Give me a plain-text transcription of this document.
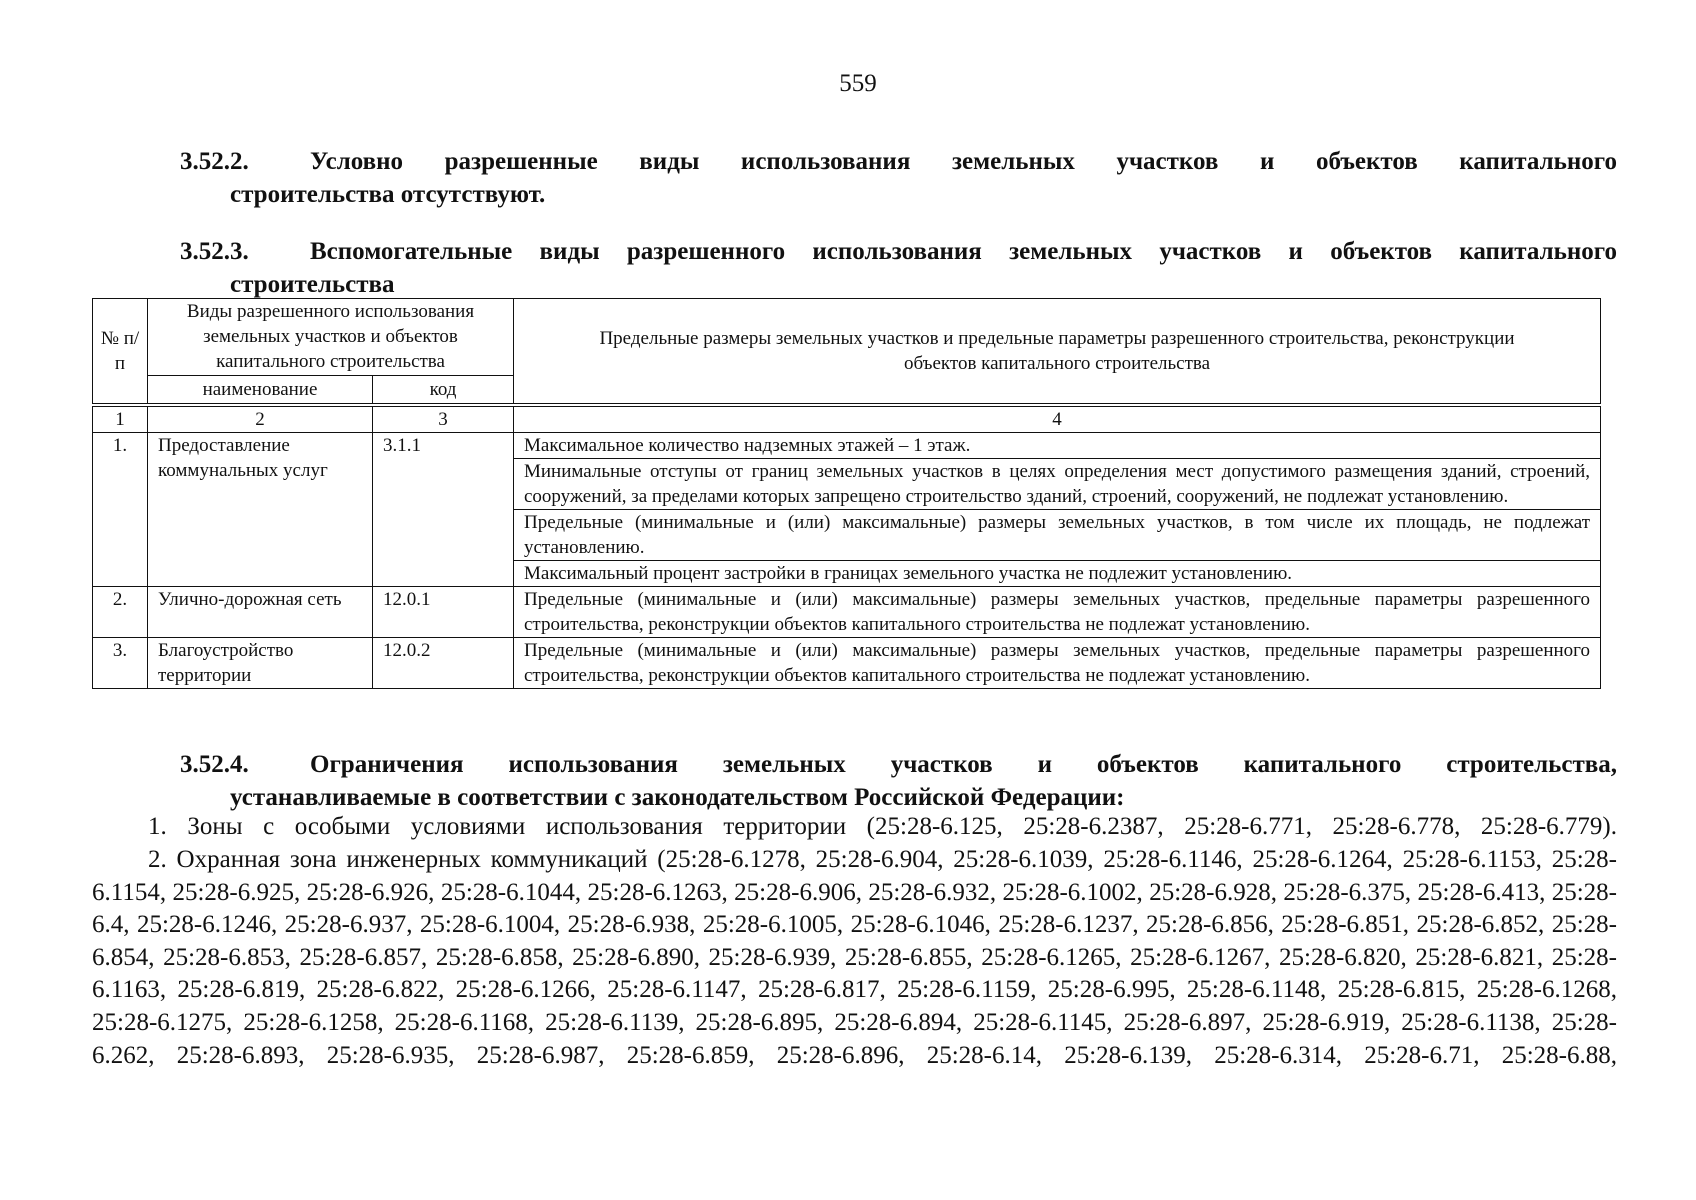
559
3.52.2. Условно разрешенные виды использования земельных участков и объектов капитального
строительства отсутствуют.
3.52.3. Вспомогательные виды разрешенного использования земельных участков и объектов капитального
строительства
№ п/п	Виды разрешенного использования земельных участков и объектов капитального строительства		Предельные размеры земельных участков и предельные параметры разрешенного строительства, реконструкции объектов капитального строительства
	наименование	код	
1	2	3	4
1.	Предоставление коммунальных услуг	3.1.1	Максимальное количество надземных этажей – 1 этаж.
			Минимальные отступы от границ земельных участков в целях определения мест допустимого размещения зданий, строений, сооружений, за пределами которых запрещено строительство зданий, строений, сооружений, не подлежат установлению.
			Предельные (минимальные и (или) максимальные) размеры земельных участков, в том числе их площадь, не подлежат установлению.
			Максимальный процент застройки в границах земельного участка не подлежит установлению.
2.	Улично-дорожная сеть	12.0.1	Предельные (минимальные и (или) максимальные) размеры земельных участков, предельные параметры разрешенного строительства, реконструкции объектов капитального строительства не подлежат установлению.
3.	Благоустройство территории	12.0.2	Предельные (минимальные и (или) максимальные) размеры земельных участков, предельные параметры разрешенного строительства, реконструкции объектов капитального строительства не подлежат установлению.
3.52.4. Ограничения использования земельных участков и объектов капитального строительства,
устанавливаемые в соответствии с законодательством Российской Федерации:
1. Зоны с особыми условиями использования территории (25:28-6.125, 25:28-6.2387, 25:28-6.771, 25:28-6.778, 25:28-6.779).
2. Охранная зона инженерных коммуникаций (25:28-6.1278, 25:28-6.904, 25:28-6.1039, 25:28-6.1146, 25:28-6.1264, 25:28-6.1153, 25:28-6.1154, 25:28-6.925, 25:28-6.926, 25:28-6.1044, 25:28-6.1263, 25:28-6.906, 25:28-6.932, 25:28-6.1002, 25:28-6.928, 25:28-6.375, 25:28-6.413, 25:28-6.4, 25:28-6.1246, 25:28-6.937, 25:28-6.1004, 25:28-6.938, 25:28-6.1005, 25:28-6.1046, 25:28-6.1237, 25:28-6.856, 25:28-6.851, 25:28-6.852, 25:28-6.854, 25:28-6.853, 25:28-6.857, 25:28-6.858, 25:28-6.890, 25:28-6.939, 25:28-6.855, 25:28-6.1265, 25:28-6.1267, 25:28-6.820, 25:28-6.821, 25:28-6.1163, 25:28-6.819, 25:28-6.822, 25:28-6.1266, 25:28-6.1147, 25:28-6.817, 25:28-6.1159, 25:28-6.995, 25:28-6.1148, 25:28-6.815, 25:28-6.1268, 25:28-6.1275, 25:28-6.1258, 25:28-6.1168, 25:28-6.1139, 25:28-6.895, 25:28-6.894, 25:28-6.1145, 25:28-6.897, 25:28-6.919, 25:28-6.1138, 25:28-6.262, 25:28-6.893, 25:28-6.935, 25:28-6.987, 25:28-6.859, 25:28-6.896, 25:28-6.14, 25:28-6.139, 25:28-6.314, 25:28-6.71, 25:28-6.88,
